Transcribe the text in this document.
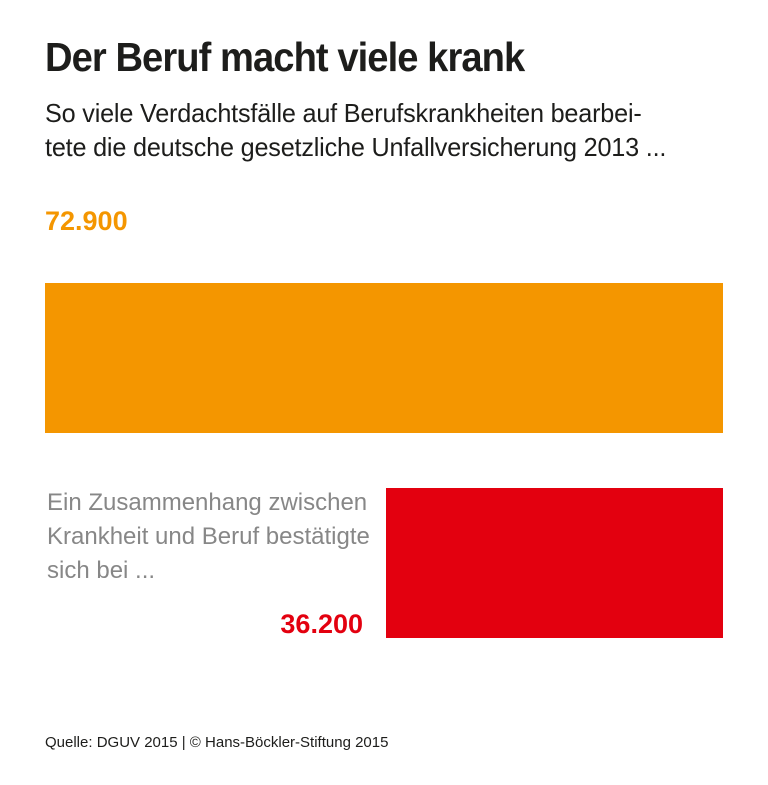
Der Beruf macht viele krank

So viele Verdachtsfälle auf Berufskrankheiten bearbei-
tete die deutsche gesetzliche Unfallversicherung 2013 ...

72.900

Ein Zusammenhang zwischen
Krankheit und Beruf bestätigte
sich bei ...

36.200

Quelle: DGUV 2015 | © Hans-Böckler-Stiftung 2015
